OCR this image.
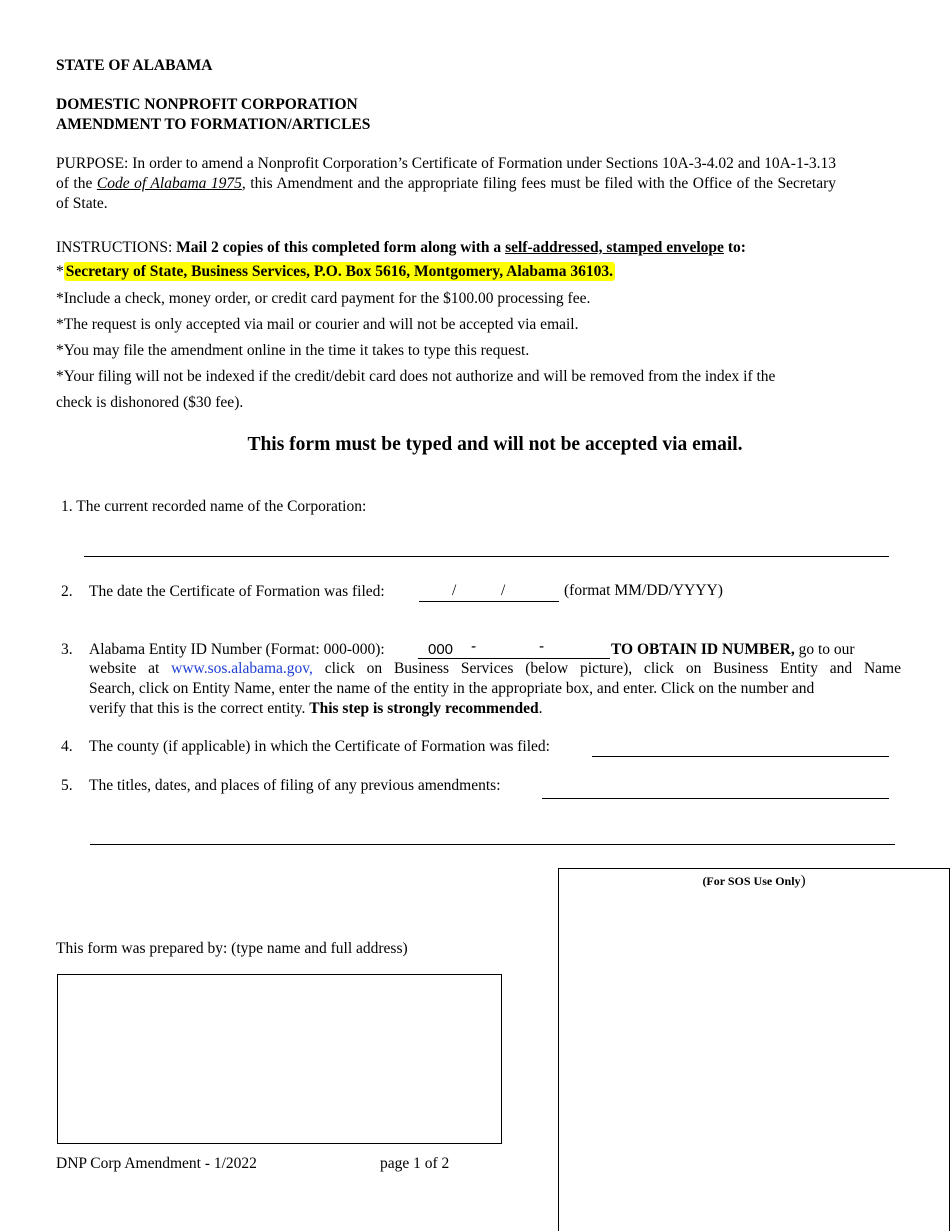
STATE OF ALABAMA
DOMESTIC NONPROFIT CORPORATION
AMENDMENT TO FORMATION/ARTICLES
PURPOSE: In order to amend a Nonprofit Corporation’s Certificate of Formation under Sections 10A-3-4.02 and 10A-1-3.13 of the Code of Alabama 1975, this Amendment and the appropriate filing fees must be filed with the Office of the Secretary of State.
INSTRUCTIONS: Mail 2 copies of this completed form along with a self-addressed, stamped envelope to:
* Secretary of State, Business Services, P.O. Box 5616, Montgomery, Alabama 36103.
*Include a check, money order, or credit card payment for the $100.00 processing fee.
*The request is only accepted via mail or courier and will not be accepted via email.
*You may file the amendment online in the time it takes to type this request.
*Your filing will not be indexed if the credit/debit card does not authorize and will be removed from the index if the
check is dishonored ($30 fee).
This form must be typed and will not be accepted via email.
1. The current recorded name of the Corporation:
2. The date the Certificate of Formation was filed:	/	/	(format MM/DD/YYYY)
3. Alabama Entity ID Number (Format: 000-000):	000 -	-	TO OBTAIN ID NUMBER, go to our
website at www.sos.alabama.gov, click on Business Services (below picture), click on Business Entity and Name
Search, click on Entity Name, enter the name of the entity in the appropriate box, and enter. Click on the number and
verify that this is the correct entity. This step is strongly recommended.
4. The county (if applicable) in which the Certificate of Formation was filed:
5. The titles, dates, and places of filing of any previous amendments:
(For SOS Use Only)
This form was prepared by: (type name and full address)
DNP Corp Amendment - 1/2022	page 1 of 2
